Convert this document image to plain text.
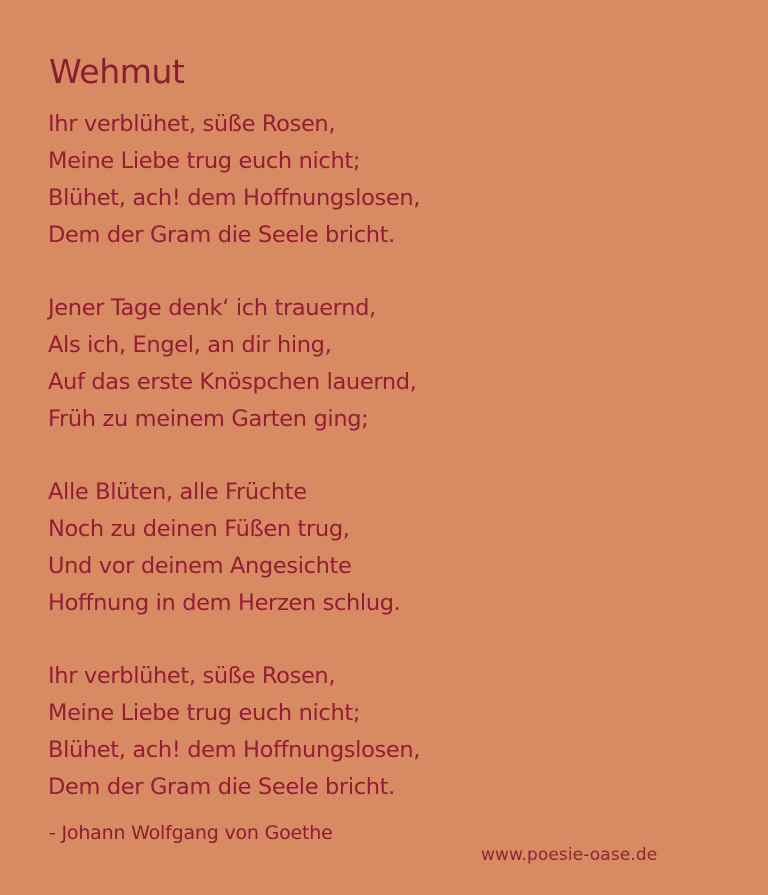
Wehmut
Ihr verblühet, süße Rosen,
Meine Liebe trug euch nicht;
Blühet, ach! dem Hoffnungslosen,
Dem der Gram die Seele bricht.
Jener Tage denk‘ ich trauernd,
Als ich, Engel, an dir hing,
Auf das erste Knöspchen lauernd,
Früh zu meinem Garten ging;
Alle Blüten, alle Früchte
Noch zu deinen Füßen trug,
Und vor deinem Angesichte
Hoffnung in dem Herzen schlug.
Ihr verblühet, süße Rosen,
Meine Liebe trug euch nicht;
Blühet, ach! dem Hoffnungslosen,
Dem der Gram die Seele bricht.
- Johann Wolfgang von Goethe
www.poesie-oase.de
